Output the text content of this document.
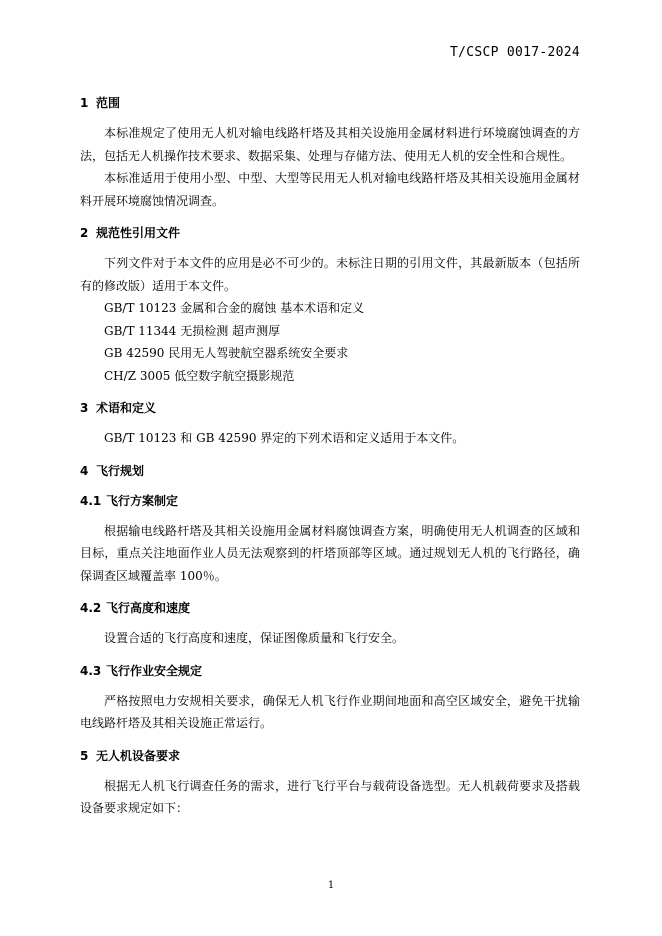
T/CSCP 0017-2024
1 范围

本标准规定了使用无人机对输电线路杆塔及其相关设施用金属材料进行环境腐蚀调查的方法，包括无人机操作技术要求、数据采集、处理与存储方法、使用无人机的安全性和合规性。

本标准适用于使用小型、中型、大型等民用无人机对输电线路杆塔及其相关设施用金属材料开展环境腐蚀情况调查。

2 规范性引用文件

下列文件对于本文件的应用是必不可少的。未标注日期的引用文件，其最新版本（包括所有的修改版）适用于本文件。

GB/T 10123 金属和合金的腐蚀 基本术语和定义

GB/T 11344 无损检测 超声测厚

GB 42590 民用无人驾驶航空器系统安全要求

CH/Z 3005 低空数字航空摄影规范

3 术语和定义

GB/T 10123 和 GB 42590 界定的下列术语和定义适用于本文件。

4 飞行规划
4.1 飞行方案制定

根据输电线路杆塔及其相关设施用金属材料腐蚀调查方案，明确使用无人机调查的区域和目标，重点关注地面作业人员无法观察到的杆塔顶部等区域。通过规划无人机的飞行路径，确保调查区域覆盖率 100％。

4.2 飞行高度和速度

设置合适的飞行高度和速度，保证图像质量和飞行安全。

4.3 飞行作业安全规定

严格按照电力安规相关要求，确保无人机飞行作业期间地面和高空区域安全，避免干扰输电线路杆塔及其相关设施正常运行。

5 无人机设备要求

根据无人机飞行调查任务的需求，进行飞行平台与载荷设备选型。无人机载荷要求及搭载设备要求规定如下：

1
